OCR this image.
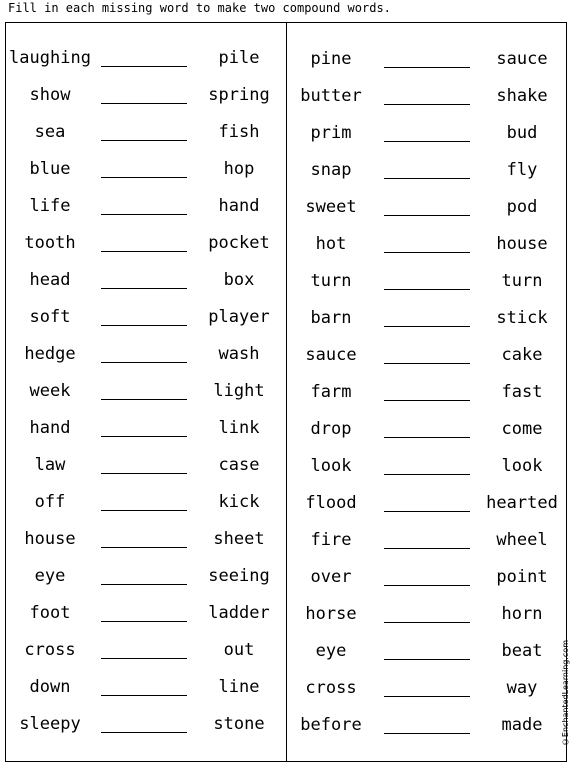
Fill in each missing word to make two compound words.
laughing	pile
show	spring
sea	fish
blue	hop
life	hand
tooth	pocket
head	box
soft	player
hedge	wash
week	light
hand	link
law	case
off	kick
house	sheet
eye	seeing
foot	ladder
cross	out
down	line
sleepy	stone
pine	sauce
butter	shake
prim	bud
snap	fly
sweet	pod
hot	house
turn	turn
barn	stick
sauce	cake
farm	fast
drop	come
look	look
flood	hearted
fire	wheel
over	point
horse	horn
eye	beat
cross	way
before	made ©EnchantedLearning.com
